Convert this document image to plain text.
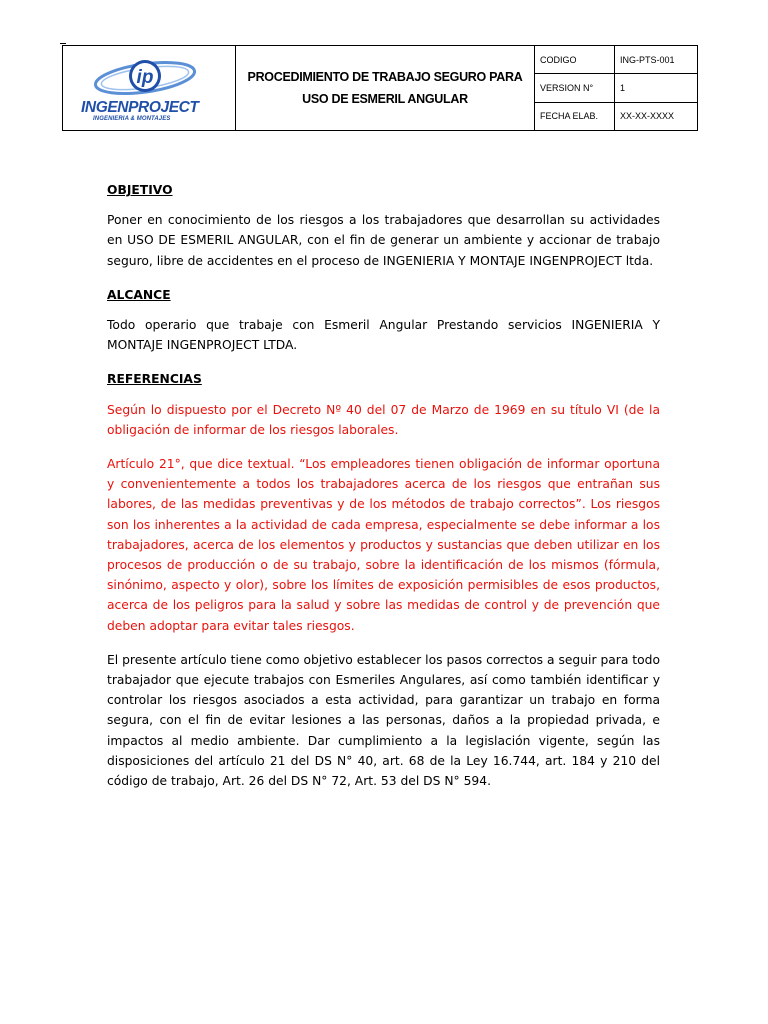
ip
INGENPROJECT
INGENIERIA & MONTAJES
PROCEDIMIENTO DE TRABAJO SEGURO PARA
USO DE ESMERIL ANGULAR
CODIGO	ING-PTS-001
VERSION N°	1
FECHA ELAB.	XX-XX-XXXX
OBJETIVO

Poner en conocimiento de los riesgos a los trabajadores que desarrollan su actividades en USO DE ESMERIL ANGULAR, con el fin de generar un ambiente y accionar de trabajo seguro, libre de accidentes en el proceso de INGENIERIA Y MONTAJE INGENPROJECT ltda.

ALCANCE

Todo operario que trabaje con Esmeril Angular Prestando servicios INGENIERIA Y MONTAJE INGENPROJECT LTDA.

REFERENCIAS

Según lo dispuesto por el Decreto Nº 40 del 07 de Marzo de 1969 en su título VI (de la obligación de informar de los riesgos laborales.

Artículo 21°, que dice textual. “Los empleadores tienen obligación de informar oportuna y convenientemente a todos los trabajadores acerca de los riesgos que entrañan sus labores, de las medidas preventivas y de los métodos de trabajo correctos”. Los riesgos son los inherentes a la actividad de cada empresa, especialmente se debe informar a los trabajadores, acerca de los elementos y productos y sustancias que deben utilizar en los procesos de producción o de su trabajo, sobre la identificación de los mismos (fórmula, sinónimo, aspecto y olor), sobre los límites de exposición permisibles de esos productos, acerca de los peligros para la salud y sobre las medidas de control y de prevención que deben adoptar para evitar tales riesgos.

El presente artículo tiene como objetivo establecer los pasos correctos a seguir para todo trabajador que ejecute trabajos con Esmeriles Angulares, así como también identificar y controlar los riesgos asociados a esta actividad, para garantizar un trabajo en forma segura, con el fin de evitar lesiones a las personas, daños a la propiedad privada, e impactos al medio ambiente. Dar cumplimiento a la legislación vigente, según las disposiciones del artículo 21 del DS N° 40, art. 68 de la Ley 16.744, art. 184 y 210 del código de trabajo, Art. 26 del DS N° 72, Art. 53 del DS N° 594.
